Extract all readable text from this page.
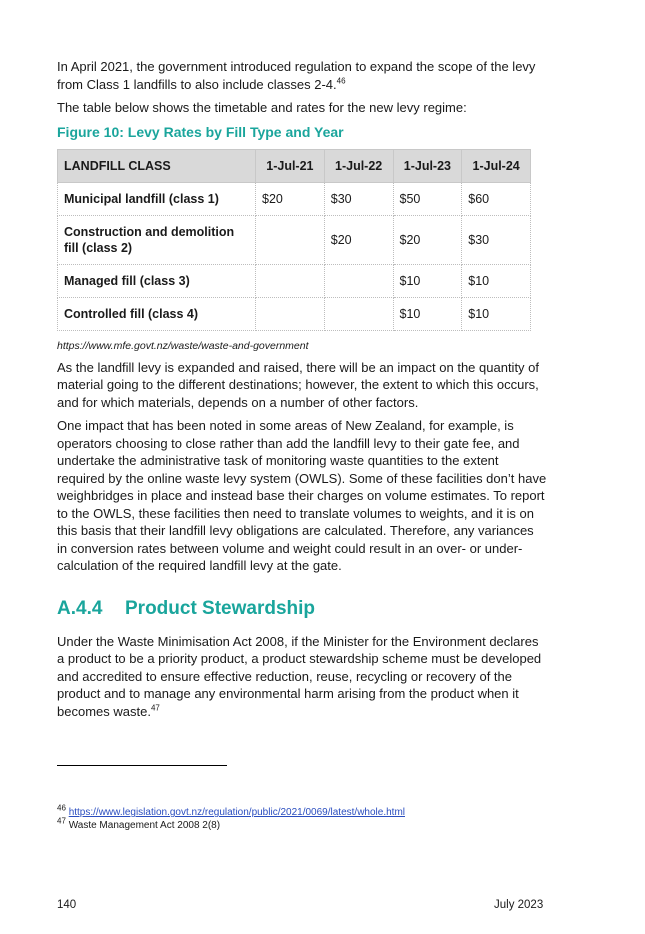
In April 2021, the government introduced regulation to expand the scope of the levy from Class 1 landfills to also include classes 2-4.46

The table below shows the timetable and rates for the new levy regime:

Figure 10: Levy Rates by Fill Type and Year
LANDFILL CLASS	1-Jul-21	1-Jul-22	1-Jul-23	1-Jul-24
Municipal landfill (class 1)	$20	$30	$50	$60
Construction and demolition fill (class 2)		$20	$20	$30
Managed fill (class 3)			$10	$10
Controlled fill (class 4)			$10	$10
https://www.mfe.govt.nz/waste/waste-and-government

As the landfill levy is expanded and raised, there will be an impact on the quantity of material going to the different destinations; however, the extent to which this occurs, and for which materials, depends on a number of other factors.

One impact that has been noted in some areas of New Zealand, for example, is operators choosing to close rather than add the landfill levy to their gate fee, and undertake the administrative task of monitoring waste quantities to the extent required by the online waste levy system (OWLS). Some of these facilities don’t have weighbridges in place and instead base their charges on volume estimates. To report to the OWLS, these facilities then need to translate volumes to weights, and it is on this basis that their landfill levy obligations are calculated. Therefore, any variances in conversion rates between volume and weight could result in an over- or under-calculation of the required landfill levy at the gate.

A.4.4 Product Stewardship

Under the Waste Minimisation Act 2008, if the Minister for the Environment declares a product to be a priority product, a product stewardship scheme must be developed and accredited to ensure effective reduction, reuse, recycling or recovery of the product and to manage any environmental harm arising from the product when it becomes waste.$^{47}$

$^{46}$ https://www.legislation.govt.nz/regulation/public/2021/0069/latest/whole.html
$^{47}$ Waste Management Act 2008 2(8)
140	July 2023
